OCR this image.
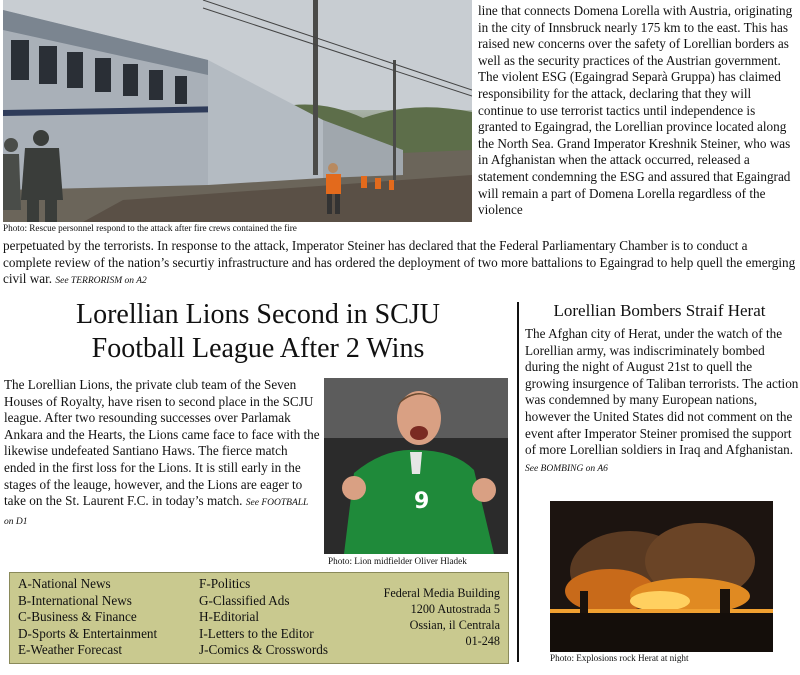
Photo: Rescue personnel respond to the attack after fire crews contained the fire
line that connects Domena Lorella with Austria, originating in the city of Innsbruck nearly 175 km to the east. This has raised new concerns over the safety of Lorellian borders as well as the security practices of the Austrian government. The violent ESG (Egaingrad Separà Gruppa) has claimed responsibility for the attack, declaring that they will continue to use terrorist tactics until independence is granted to Egaingrad, the Lorellian province located along the North Sea. Grand Imperator Kreshnik Steiner, who was in Afghanistan when the attack occurred, released a statement condemning the ESG and assured that Egaingrad will remain a part of Domena Lorella regardless of the violence
perpetuated by the terrorists. In response to the attack, Imperator Steiner has declared that the Federal Parliamentary Chamber is to conduct a complete review of the nation’s securtiy infrastructure and has ordered the deployment of two more battalions to Egaingrad to help quell the emerging civil war. See TERRORISM on A2
Lorellian Lions Second in SCJU
Football League After 2 Wins
The Lorellian Lions, the private club team of the Seven Houses of Royalty, have risen to second place in the SCJU league. After two resounding successes over Parlamak Ankara and the Hearts, the Lions came face to face with the likewise undefeated Santiano Haws. The fierce match ended in the first loss for the Lions. It is still early in the stages of the leauge, however, and the Lions are eager to take on the St. Laurent F.C. in today’s match. See FOOTBALL on D1
9
Photo: Lion midfielder Oliver Hladek
Lorellian Bombers Straif Herat
The Afghan city of Herat, under the watch of the Lorellian army, was indiscriminately bombed during the night of August 21st to quell the growing insurgence of Taliban terrorists. The action was condemned by many European nations, however the United States did not comment on the event after Imperator Steiner promised the support of more Lorellian soldiers in Iraq and Afghanistan. See BOMBING on A6
Photo: Explosions rock Herat at night
A-National News
B-International News
C-Business & Finance
D-Sports & Entertainment
E-Weather Forecast
F-Politics
G-Classified Ads
H-Editorial
I-Letters to the Editor
J-Comics & Crosswords
Federal Media Building
1200 Autostrada 5
Ossian, il Centrala
01-248
